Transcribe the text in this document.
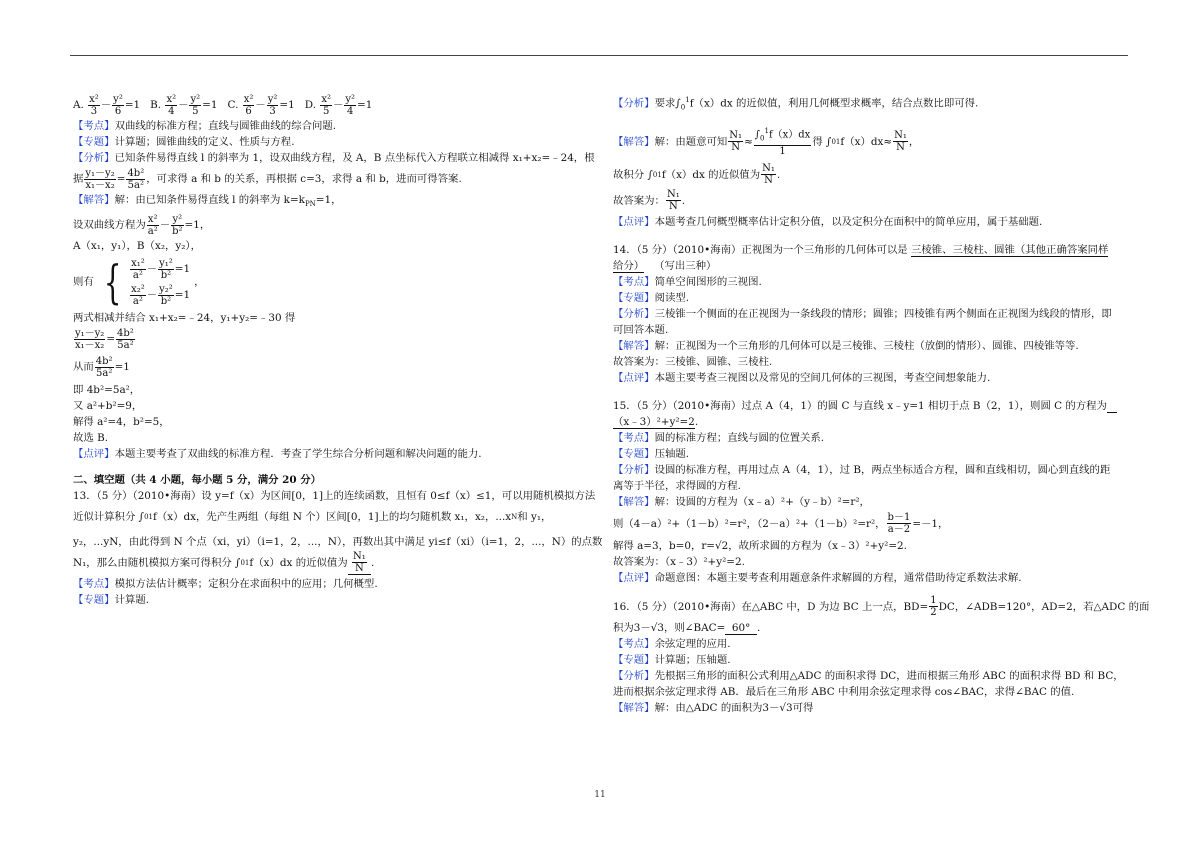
A.
$\frac{\text{x²}}{3} - \frac{\text{y²}}{6} =1$ B.
$\frac{\text{x²}}{4} - \frac{\text{y²}}{5} =1$ C.
$\frac{\text{x²}}{6} - \frac{\text{y²}}{3} =1$ D.
$\frac{\text{x²}}{5} - \frac{\text{y²}}{4} =1$
【考点】双曲线的标准方程；直线与圆锥曲线的综合问题.
【专题】计算题；圆锥曲线的定义、性质与方程.
【分析】已知条件易得直线 l 的斜率为 1，设双曲线方程，及 A，B 点坐标代入方程联立相减得 x₁+x₂=﹣24，根
据 $\frac{\text{y₁－y₂}}{\text{x₁－x₂}} = \frac{\text{4b²}}{\text{5a²}}$ ，可求得 a 和 b 的关系，再根据 c=3，求得 a 和 b，进而可得答案.
【解答】解：由已知条件易得直线 l 的斜率为 $k=k_{PN}=1$，
设双曲线方程为 $\frac{\text{x²}}{\text{a²}} - \frac{\text{y²}}{\text{b²}} =1$，
A（x₁，y₁），B（x₂，y₂），
则有 { $\frac{\text{x₁²}}{\text{a²}} - \frac{\text{y₁²}}{\text{b²}} =1$
$\frac{\text{x₂²}}{\text{a²}} - \frac{\text{y₂²}}{\text{b²}} =1$
，
两式相减并结合 x₁+x₂=﹣24，y₁+y₂=﹣30 得
$\frac{\text{y₁－y₂}}{\text{x₁－x₂}} = \frac{\text{4b²}}{\text{5a²}}$
从而 $\frac{\text{4b²}}{\text{5a²}} =1$
即 4b²=5a²，
又 a²+b²=9，
解得 a²=4，b²=5，
故选 B.
【点评】本题主要考查了双曲线的标准方程．考查了学生综合分析问题和解决问题的能力.
二、填空题（共 4 小题，每小题 5 分，满分 20 分）
13．（5 分）（2010•海南）设 y=f（x）为区间[0，1]上的连续函数，且恒有 0≤f（x）≤1，可以用随机模拟方法
近似计算积分 ∫ 0 1 f（x）dx ，先产生两组（每组 N 个）区间[0，1]上的均匀随机数 x₁，x₂，...x N 和 y₁，
y₂，...yN，由此得到 N 个点（xi，yi）（i=1，2，...，N），再数出其中满足 yi≤f（xi）（i=1，2，...，N）的点数
N₁，那么由随机模拟方案可得积分 ∫ 0 1 f（x）dx 的近似值为
$\frac{\text{N₁}}{N}$
.
【考点】模拟方法估计概率；定积分在求面积中的应用；几何概型.
【专题】计算题.
【分析】要求$\int_0^1f(x)dx$ 的近似值，利用几何概型求概率，结合点数比即可得.
【解答】 解：由题意可知 $\frac{\text{N₁}}{N} \approx \frac{\int_0^1f(x)dx}{1}$ 得 ∫ 0 1 $f(x)dx \approx \frac{\text{N₁}}{N}$ ，
故积分 ∫ 0 1 f（x）dx 的近似值为 $\frac{\text{N₁}}{N}$ .
故答案为： $\frac{\text{N₁}}{N}$ .
【点评】本题考查几何概型概率估计定积分值，以及定积分在面积中的简单应用，属于基础题.
14．（5 分）（2010•海南）正视图为一个三角形的几何体可以是 三棱锥、三棱柱、圆锥（其他正确答案同样
给分） （写出三种）
【考点】简单空间图形的三视图.
【专题】阅读型.
【分析】三棱锥一个侧面的在正视图为一条线段的情形；圆锥；四棱锥有两个侧面在正视图为线段的情形，即
可回答本题.
【解答】解：正视图为一个三角形的几何体可以是三棱锥、三棱柱（放倒的情形）、圆锥、四棱锥等等.
故答案为：三棱锥、圆锥、三棱柱.
【点评】本题主要考查三视图以及常见的空间几何体的三视图，考查空间想象能力.
15．（5 分）（2010•海南）过点 A（4，1）的圆 C 与直线 x﹣y=1 相切于点 B（2，1），则圆 C 的方程为
（x﹣3）²+y²=2.
【考点】圆的标准方程；直线与圆的位置关系.
【专题】压轴题.
【分析】设圆的标准方程，再用过点 A（4，1），过 B，两点坐标适合方程，圆和直线相切，圆心到直线的距
离等于半径，求得圆的方程.
【解答】解：设圆的方程为（x﹣a）²+（y﹣b）²=r²，
则（4－a）²+（1－b）²=r²，（2－a）²+（1－b）²=r²， $\frac{b-1}{a-2} =-1$，
解得 a=3，b=0，r=√2，故所求圆的方程为（x﹣3）²+y²=2.
故答案为：（x﹣3）²+y²=2.
【点评】命题意图：本题主要考查利用题意条件求解圆的方程，通常借助待定系数法求解.
16．（5 分）（2010•海南）在△ABC 中，D 为边 BC 上一点，$BD= \frac{1}{2}$ DC，∠ADB=120°，AD=2，若△ADC 的面
积为3－√3，则∠BAC= 60° .
【考点】余弦定理的应用.
【专题】计算题；压轴题.
【分析】先根据三角形的面积公式利用△ADC 的面积求得 DC，进而根据三角形 ABC 的面积求得 BD 和 BC，
进而根据余弦定理求得 AB．最后在三角形 ABC 中利用余弦定理求得 cos∠BAC，求得∠BAC 的值.
【解答】解：由△ADC 的面积为3－√3可得
11
